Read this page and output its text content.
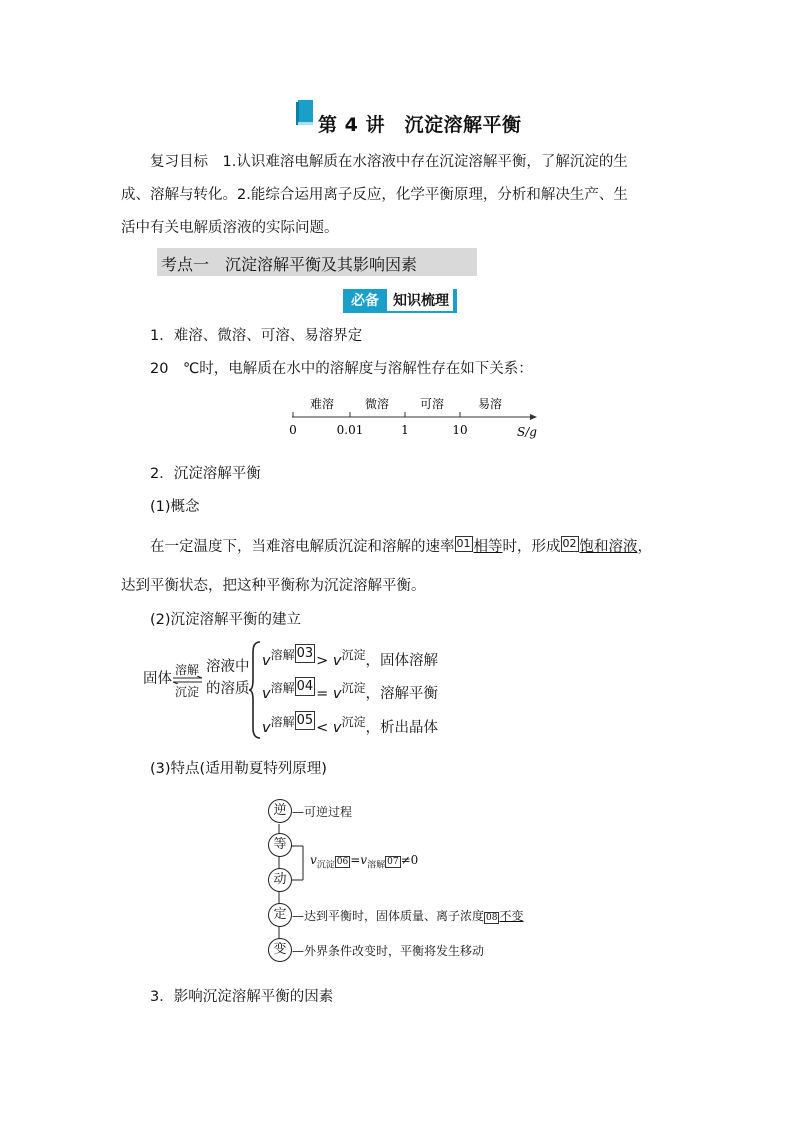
第 4 讲　沉淀溶解平衡
复习目标　1.认识难溶电解质在水溶液中存在沉淀溶解平衡，了解沉淀的生
成、溶解与转化。2.能综合运用离子反应，化学平衡原理，分析和解决生产、生
活中有关电解质溶液的实际问题。
考点一　沉淀溶解平衡及其影响因素
必备	知识梳理
1．难溶、微溶、可溶、易溶界定
20　℃时，电解质在水中的溶解度与溶解性存在如下关系：
难溶	微溶	可溶	易溶
0	0.01	1	10	S/g
2．沉淀溶解平衡
(1)概念
在一定温度下，当难溶电解质沉淀和溶解的速率 01 相等时，形成 02 饱和溶液，
达到平衡状态，把这种平衡称为沉淀溶解平衡。
(2)沉淀溶解平衡的建立
固体
溶解
沉淀
溶液中
的溶质
$v^{溶解}$ $03 > v^{沉淀}$，固体溶解
$v^{溶解}$ $04 = v^{沉淀}$，溶解平衡
$v^{溶解}$ $05 < v^{沉淀}$，析出晶体
(3)特点(适用勒夏特列原理)
逆
等
动
定
变
—可逆过程
$v_{沉淀}$ $06 =v_{溶解}$ 07 ≠0
—达到平衡时，固体质量、离子浓度 08 不变
—外界条件改变时，平衡将发生移动
3．影响沉淀溶解平衡的因素
